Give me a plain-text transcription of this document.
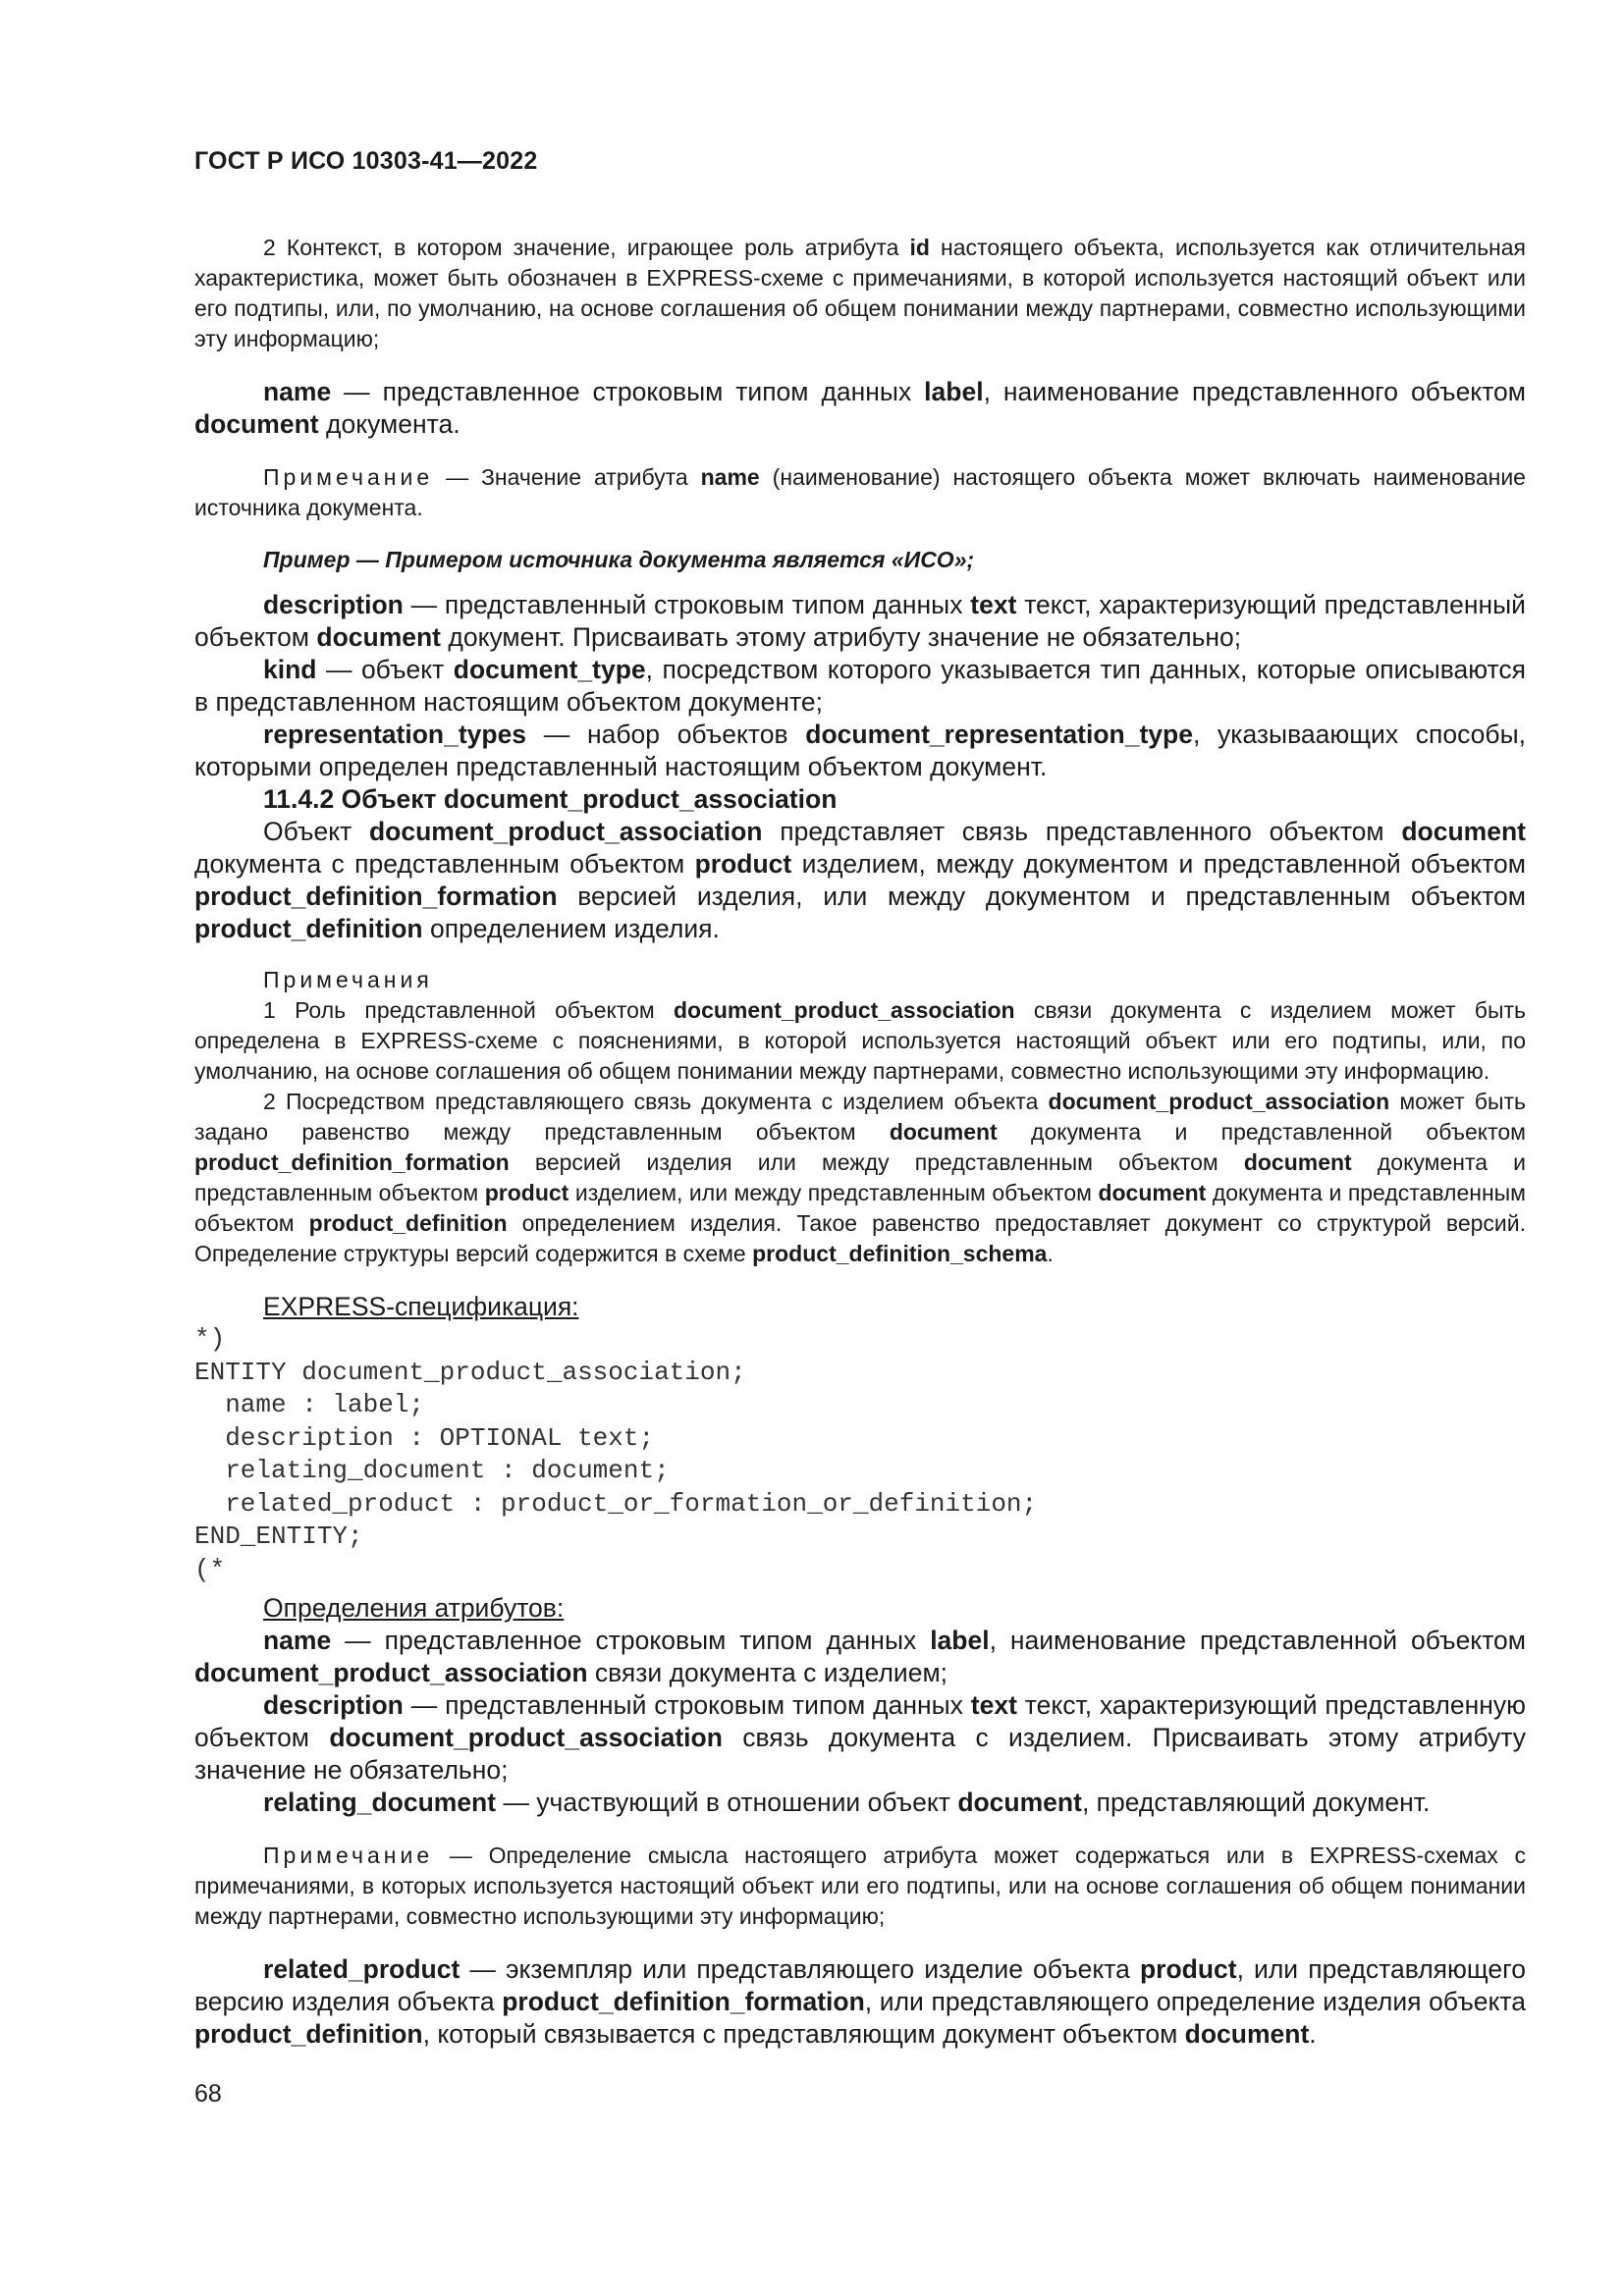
ГОСТ Р ИСО 10303-41—2022

2 Контекст, в котором значение, играющее роль атрибута id настоящего объекта, используется как отличительная характеристика, может быть обозначен в EXPRESS-схеме с примечаниями, в которой используется настоящий объект или его подтипы, или, по умолчанию, на основе соглашения об общем понимании между партнерами, совместно использующими эту информацию;

name — представленное строковым типом данных label, наименование представленного объектом document документа.

Примечание — Значение атрибута name (наименование) настоящего объекта может включать наименование источника документа.

Пример — Примером источника документа является «ИСО»;

description — представленный строковым типом данных text текст, характеризующий представленный объектом document документ. Присваивать этому атрибуту значение не обязательно;

kind — объект document_type, посредством которого указывается тип данных, которые описываются в представленном настоящим объектом документе;

representation_types — набор объектов document_representation_type, указываающих способы, которыми определен представленный настоящим объектом документ.

11.4.2 Объект document_product_association

Объект document_product_association представляет связь представленного объектом document документа с представленным объектом product изделием, между документом и представленной объектом product_definition_formation версией изделия, или между документом и представленным объектом product_definition определением изделия.

Примечания

1 Роль представленной объектом document_product_association связи документа с изделием может быть определена в EXPRESS-схеме с пояснениями, в которой используется настоящий объект или его подтипы, или, по умолчанию, на основе соглашения об общем понимании между партнерами, совместно использующими эту информацию.

2 Посредством представляющего связь документа с изделием объекта document_product_association может быть задано равенство между представленным объектом document документа и представленной объектом product_definition_formation версией изделия или между представленным объектом document документа и представленным объектом product изделием, или между представленным объектом document документа и представленным объектом product_definition определением изделия. Такое равенство предоставляет документ со структурой версий. Определение структуры версий содержится в схеме product_definition_schema.

EXPRESS-спецификация:

*)
ENTITY document_product_association;
name : label;
description : OPTIONAL text;
relating_document : document;
related_product : product_or_formation_or_definition;
END_ENTITY;
(*

Определения атрибутов:

name — представленное строковым типом данных label, наименование представленной объектом document_product_association связи документа с изделием;

description — представленный строковым типом данных text текст, характеризующий представленную объектом document_product_association связь документа с изделием. Присваивать этому атрибуту значение не обязательно;

relating_document — участвующий в отношении объект document, представляющий документ.

Примечание — Определение смысла настоящего атрибута может содержаться или в EXPRESS-схемах с примечаниями, в которых используется настоящий объект или его подтипы, или на основе соглашения об общем понимании между партнерами, совместно использующими эту информацию;

related_product — экземпляр или представляющего изделие объекта product, или представляющего версию изделия объекта product_definition_formation, или представляющего определение изделия объекта product_definition, который связывается с представляющим документ объектом document.

68
